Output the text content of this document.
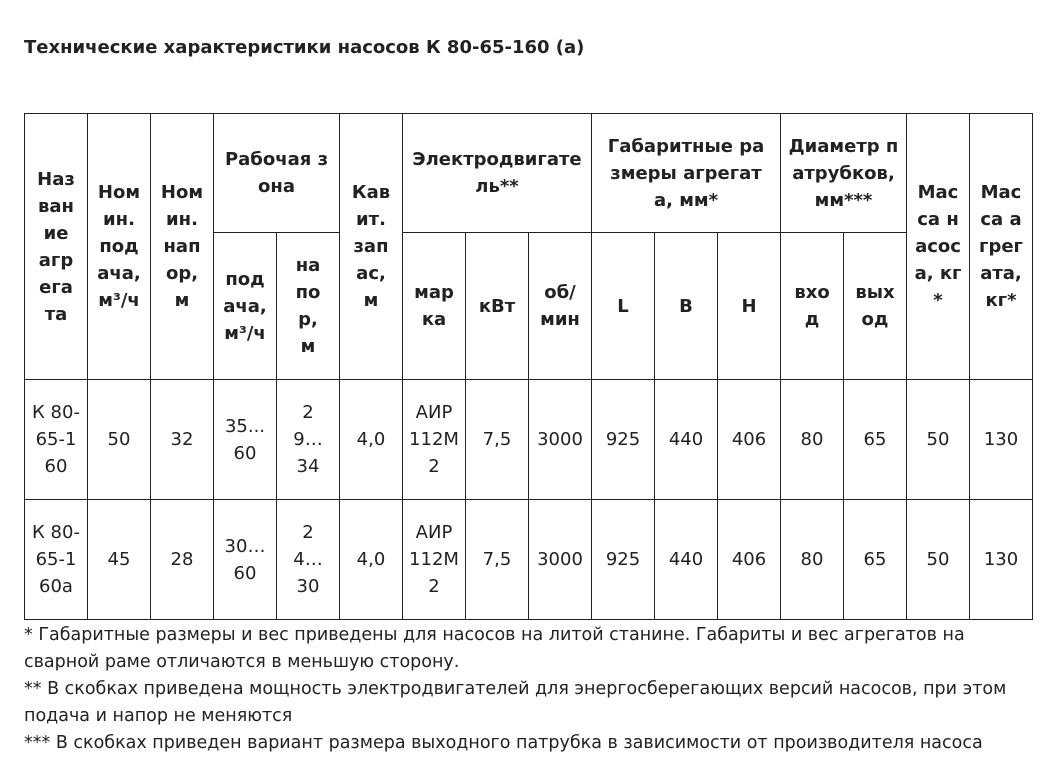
Технические характеристики насосов К 80-65-160 (а)
Название агрегата	Номин. подача, м³/ч	Номин. напор, м	Рабочая зона		Кавит. запас, м	Электродвигатель**			Габаритные размеры агрегата, мм*			Диаметр патрубков, мм***		Масса насоса, кг*	Масса агрегата, кг*

			подача, м³/ч	напор, м		марка	кВт	об/мин	L	B	H	вход	выход		

К 80-65-160	50	32	35...60	29…34	4,0	АИР 112М2	7,5	3000	925	440	406	80	65	50	130

К 80-65-160а	45	28	30…60	24…30	4,0	АИР 112М2	7,5	3000	925	440	406	80	65	50	130

* Габаритные размеры и вес приведены для насосов на литой станине. Габариты и вес агрегатов на сварной раме отличаются в меньшую сторону.

** В скобках приведена мощность электродвигателей для энергосберегающих версий насосов, при этом подача и напор не меняются

*** В скобках приведен вариант размера выходного патрубка в зависимости от производителя насоса
